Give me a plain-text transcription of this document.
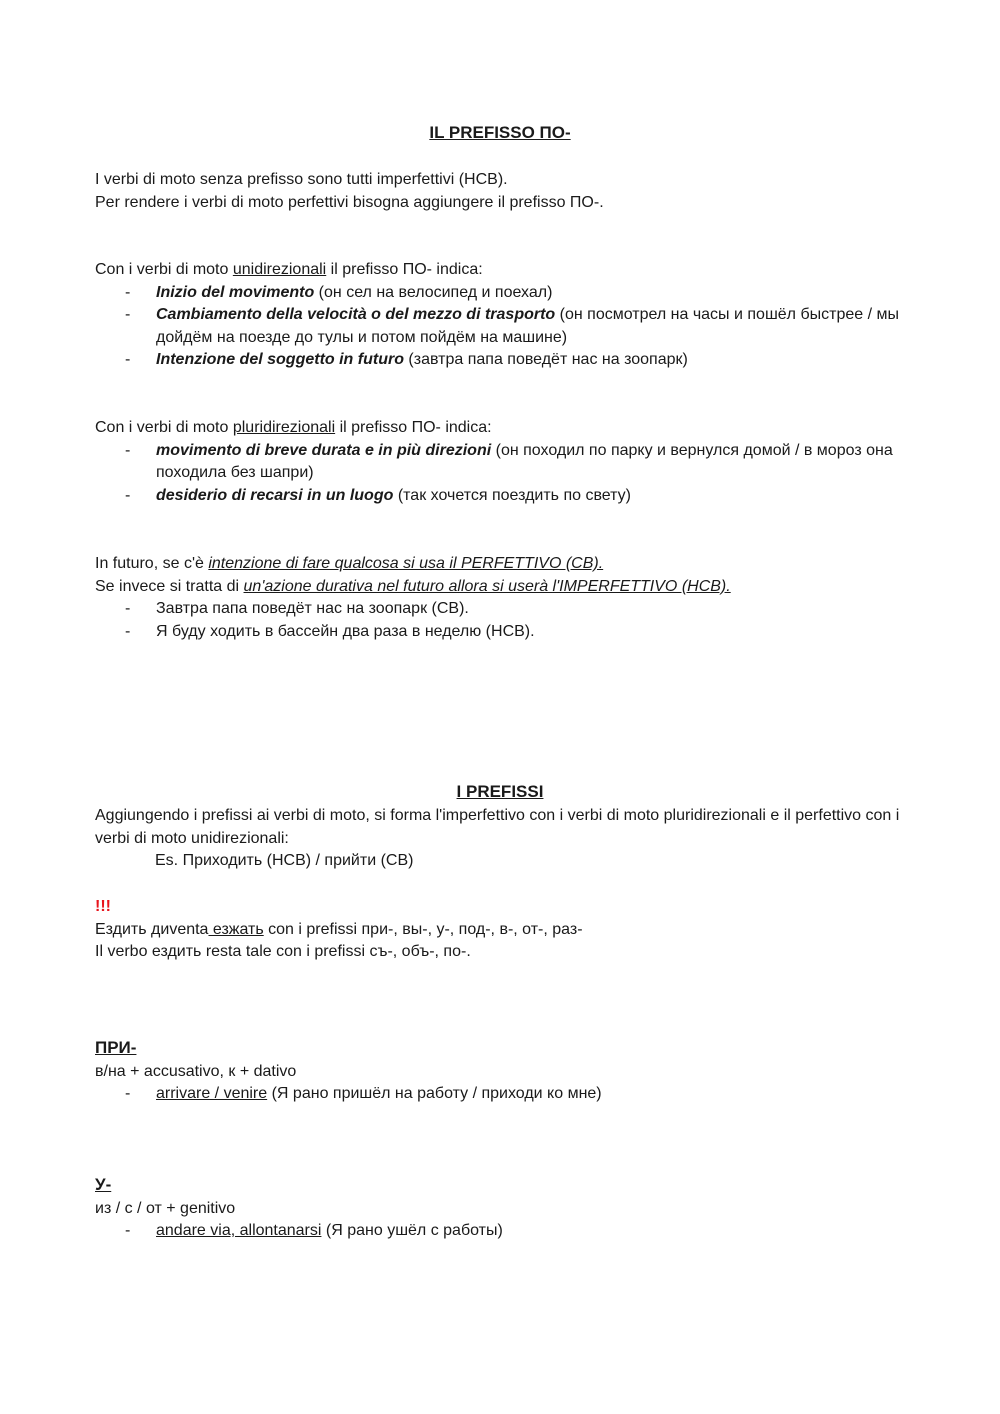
IL PREFISSO ПО-

I verbi di moto senza prefisso sono tutti imperfettivi (НСВ).

Per rendere i verbi di moto perfettivi bisogna aggiungere il prefisso ПО-.

Con i verbi di moto unidirezionali il prefisso ПО- indica:

- Inizio del movimento (он сел на велосипед и поехал)
- Cambiamento della velocità o del mezzo di trasporto (он посмотрел на часы и пошёл быстрее / мы дойдём на поезде до тулы и потом пойдём на машине)
- Intenzione del soggetto in futuro (завтра папа поведёт нас на зоопарк)

Con i verbi di moto pluridirezionali il prefisso ПО- indica:

- movimento di breve durata e in più direzioni (он походил по парку и вернулся домой / в мороз она походила без шапри)
- desiderio di recarsi in un luogo (так хочется поездить по свету)

In futuro, se c'è intenzione di fare qualcosa si usa il PERFETTIVO (СВ).

Se invece si tratta di un'azione durativa nel futuro allora si userà l'IMPERFETTIVO (НСВ).

- Завтра папа поведёт нас на зоопарк (СВ).
- Я буду ходить в бассейн два раза в неделю (НСВ).
I PREFISSI

Aggiungendo i prefissi ai verbi di moto, si forma l'imperfettivo con i verbi di moto pluridirezionali e il perfettivo con i verbi di moto unidirezionali:

Es. Приходить (НСВ) / прийти (СВ)

!!!

Ездить диventa езжать con i prefissi при-, вы-, у-, под-, в-, от-, раз-

Il verbo ездить resta tale con i prefissi съ-, объ-, по-.

ПРИ-

в/на + accusativo, к + dativo

- arrivare / venire (Я рано пришёл на работу / приходи ко мне)

У-

из / с / от + genitivo

- andare via, allontanarsi (Я рано ушёл с работы)
